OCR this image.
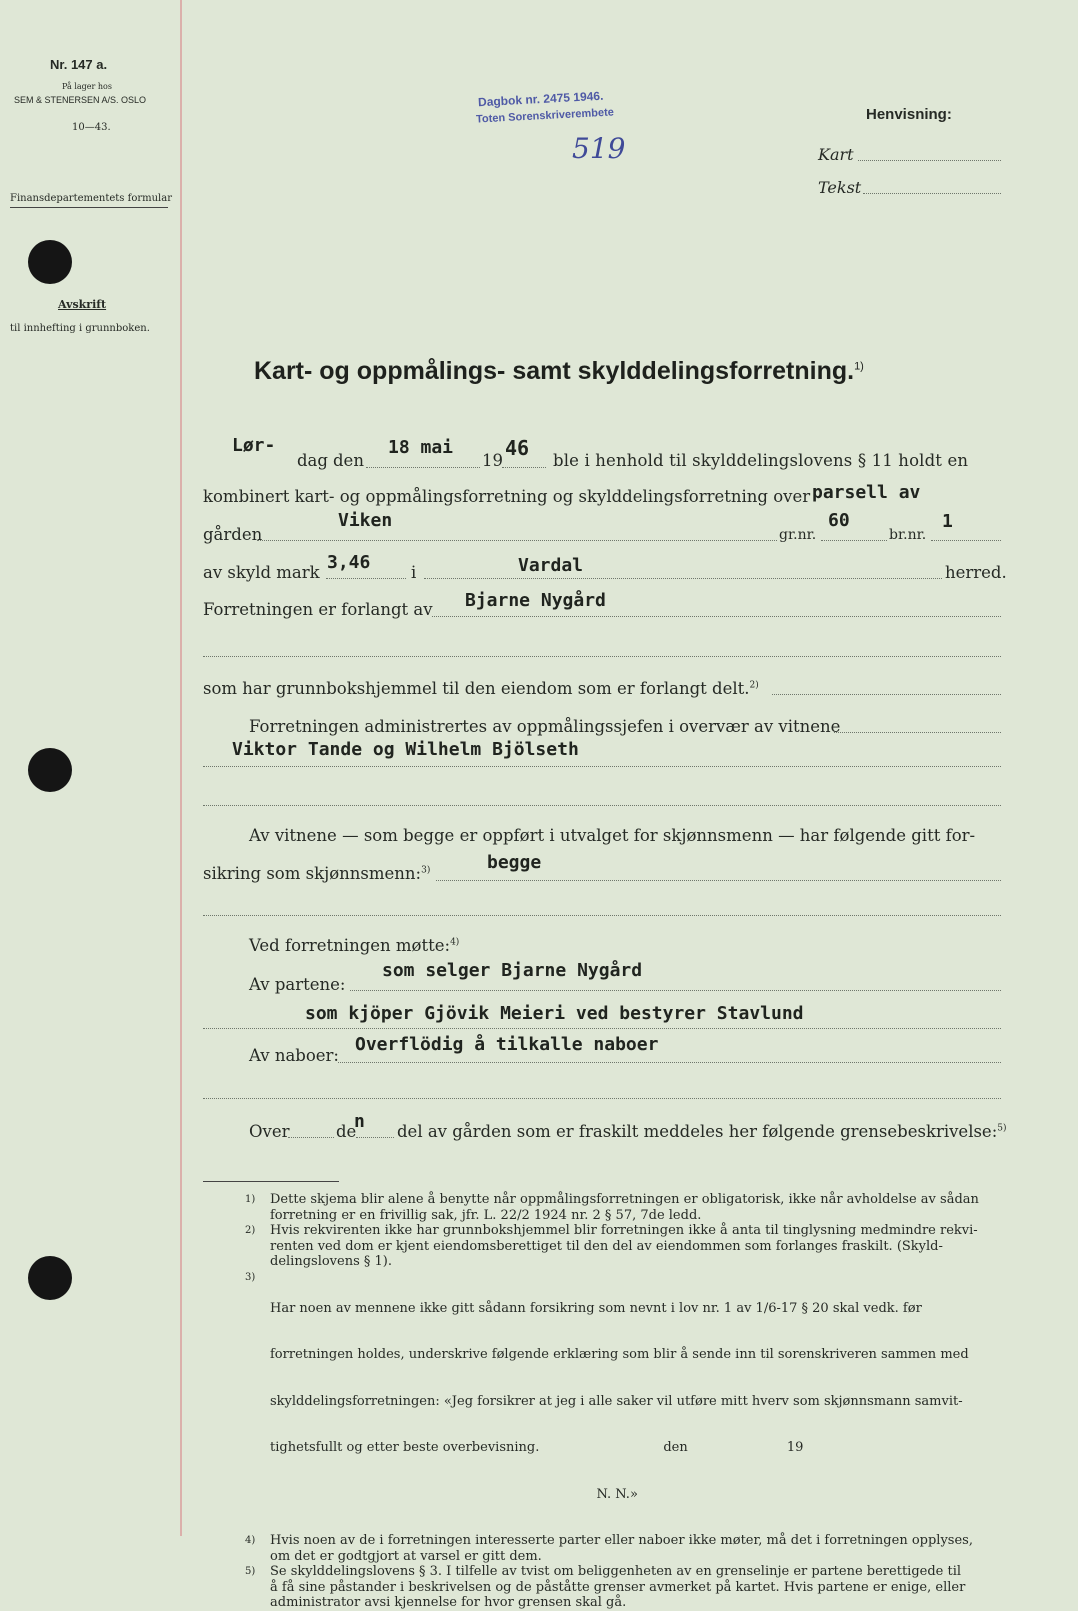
Nr. 147 a.
På lager hos
SEM & STENERSEN A/S. OSLO
10—43.
Finansdepartementets formular
Avskrift
til innhefting i grunnboken.
Dagbok nr. 2475 1946.
Toten Sorenskriverembete
519
Henvisning:
Kart
Tekst
Kart- og oppmålings- samt skylddelingsforretning.$^{1)}$
Lør-
dag den
18 mai
19
46
ble i henhold til skylddelingslovens § 11 holdt en
kombinert kart- og oppmålingsforretning og skylddelingsforretning over parsell av
gården
Viken
gr.nr.
60
br.nr.
1
av skyld mark 3,46 i	Vardal	herred.
Forretningen er forlangt av Bjarne Nygård
som har grunnbokshjemmel til den eiendom som er forlangt delt.$^{2)}$
Forretningen administrertes av oppmålingssjefen i overvær av vitnene
Viktor Tande og Wilhelm Bjölseth
Av vitnene — som begge er oppført i utvalget for skjønnsmenn — har følgende gitt for-
sikring som skjønnsmenn:$^{3)}$	begge
Ved forretningen møtte:$^{4)}$
som selger Bjarne Nygård
Av partene:
som kjöper Gjövik Meieri ved bestyrer Stavlund
Overflödig å tilkalle naboer
Av naboer:
Over	de
n del av gården som er fraskilt meddeles her følgende grensebeskrivelse:$^{5)}$
1) Dette skjema blir alene å benytte når oppmålingsforretningen er obligatorisk, ikke når avholdelse av sådan

forretning er en frivillig sak, jfr. L. 22/2 1924 nr. 2 § 57, 7de ledd.

2) Hvis rekvirenten ikke har grunnbokshjemmel blir forretningen ikke å anta til tinglysning medmindre rekvi-

renten ved dom er kjent eiendomsberettiget til den del av eiendommen som forlanges fraskilt. (Skyld-

delingslovens § 1).

3)

Har noen av mennene ikke gitt sådann forsikring som nevnt i lov nr. 1 av 1/6-17 § 20 skal vedk. før

forretningen holdes, underskrive følgende erklæring som blir å sende inn til sorenskriveren sammen med

skylddelingsforretningen: «Jeg forsikrer at jeg i alle saker vil utføre mitt hverv som skjønnsmann samvit-

tighetsfullt og etter beste overbevisning.                              den                        19

N. N.»

4) Hvis noen av de i forretningen interesserte parter eller naboer ikke møter, må det i forretningen opplyses,

om det er godtgjort at varsel er gitt dem.

5) Se skylddelingslovens § 3. I tilfelle av tvist om beliggenheten av en grenselinje er partene berettigede til

å få sine påstander i beskrivelsen og de påståtte grenser avmerket på kartet. Hvis partene er enige, eller

administrator avsi kjennelse for hvor grensen skal gå.
